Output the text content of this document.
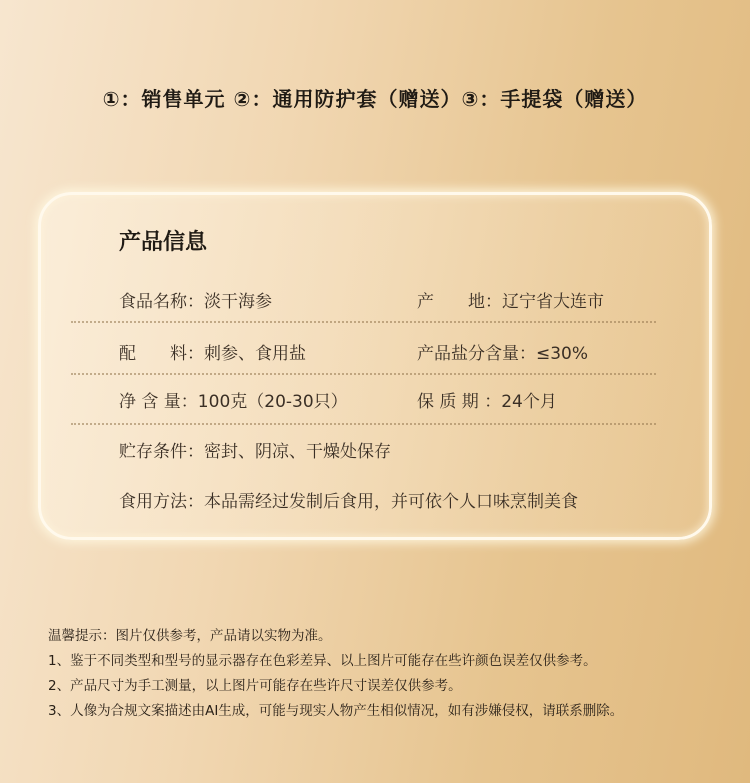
①：销售单元 ②：通用防护套（赠送）③：手提袋（赠送）
产品信息
食品名称：淡干海参	产　　地：辽宁省大连市
配　　料：刺参、食用盐	产品盐分含量：≤30%
净 含 量：100克（20-30只）	保 质 期 ：24个月
贮存条件：密封、阴凉、干燥处保存
食用方法：本品需经过发制后食用，并可依个人口味烹制美食
温馨提示：图片仅供参考，产品请以实物为准。
1、鉴于不同类型和型号的显示器存在色彩差异、以上图片可能存在些许颜色误差仅供参考。
2、产品尺寸为手工测量，以上图片可能存在些许尺寸误差仅供参考。
3、人像为合规文案描述由AI生成，可能与现实人物产生相似情况，如有涉嫌侵权，请联系删除。
